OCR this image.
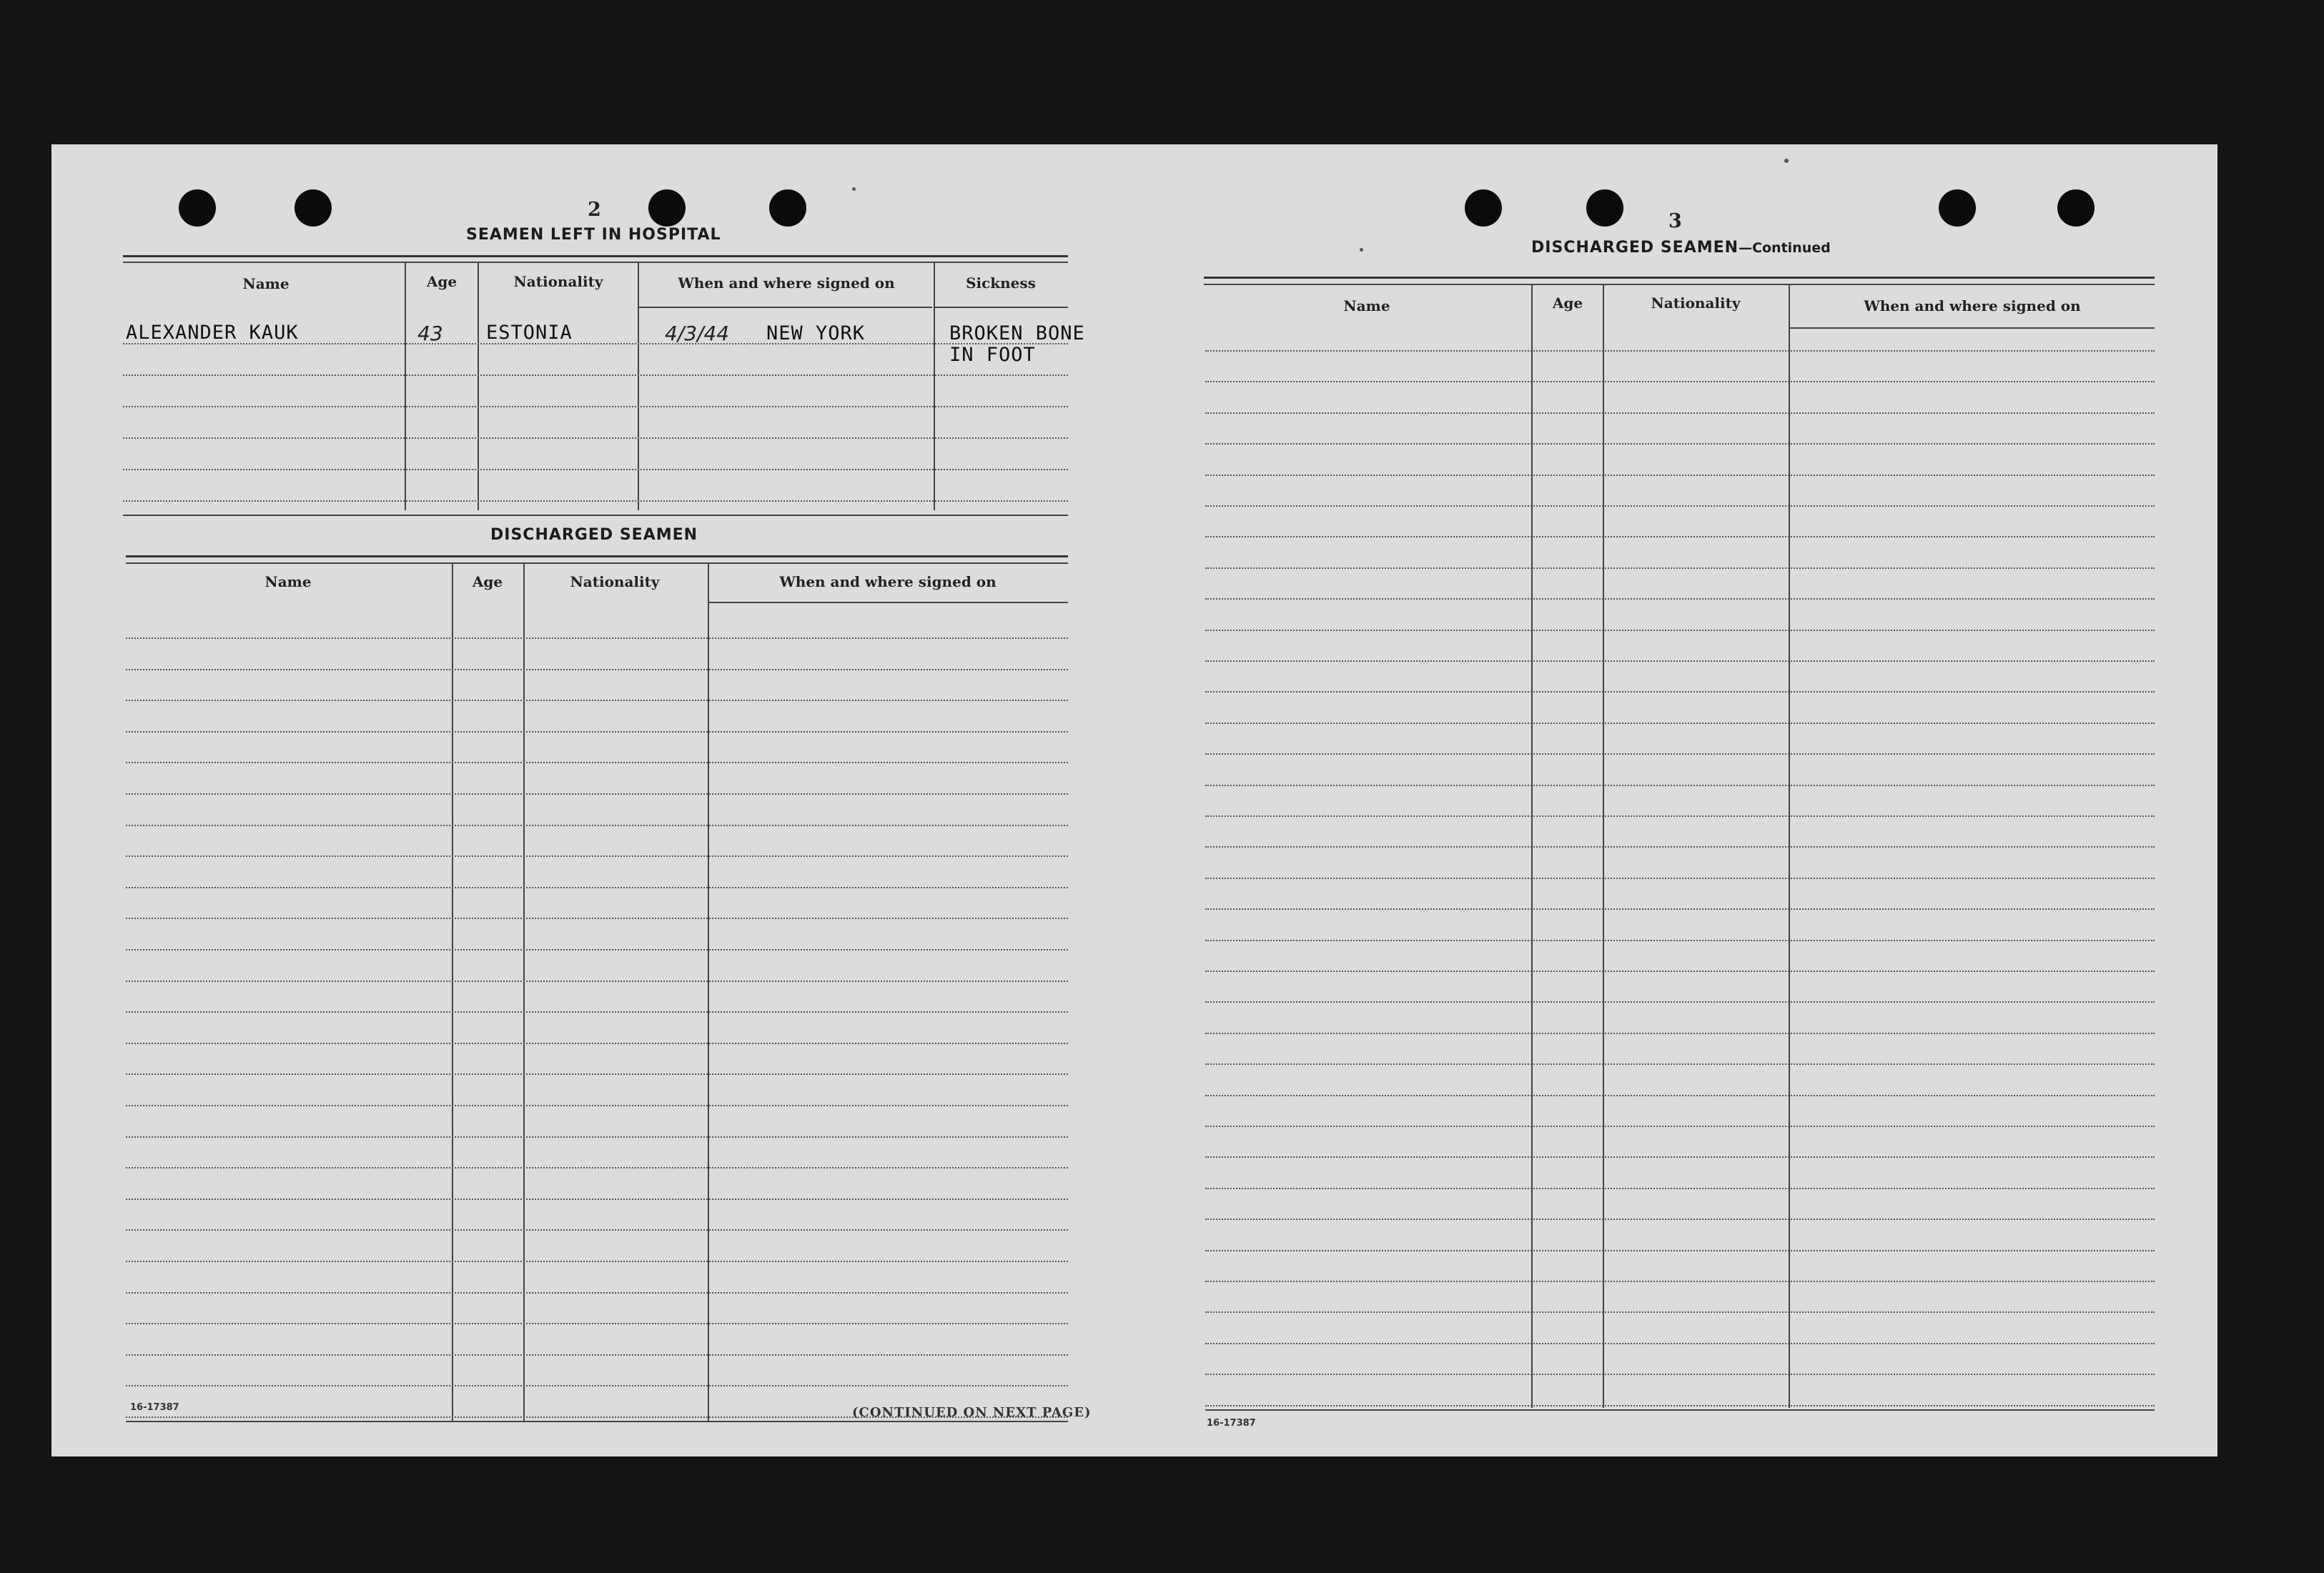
2
SEAMEN LEFT IN HOSPITAL
Name	Age	Nationality	When and where signed on	Sickness
ALEXANDER KAUK	43 ESTONIA	4/3/44 NEW YORK	BROKEN BONE
IN FOOT
DISCHARGED SEAMEN
Name	Age	Nationality	When and where signed on
16-17387	(CONTINUED ON NEXT PAGE)
3
DISCHARGED SEAMEN—Continued
Name	Age	Nationality	When and where signed on
16-17387
